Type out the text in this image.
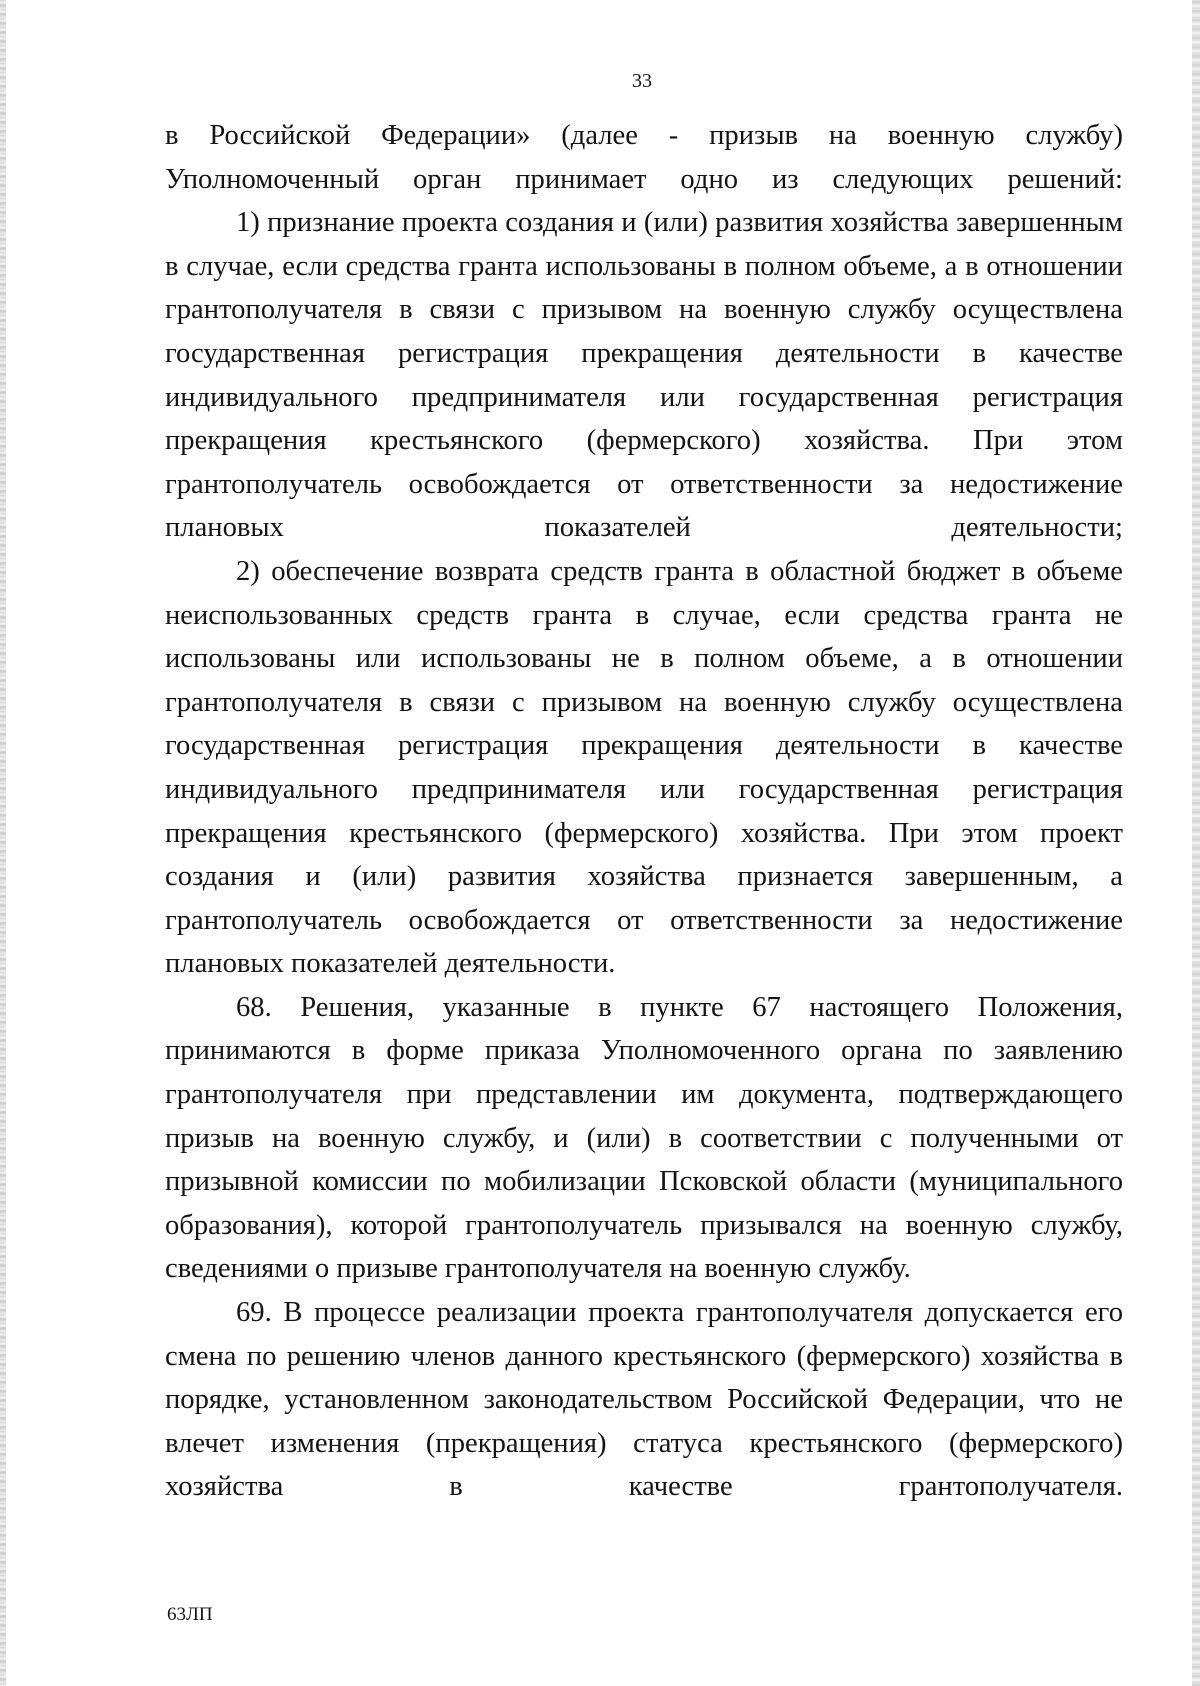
33

в Российской Федерации» (далее - призыв на военную службу) Уполномоченный орган принимает одно из следующих решений:

1) признание проекта создания и (или) развития хозяйства завершенным в случае, если средства гранта использованы в полном объеме, а в отношении грантополучателя в связи с призывом на военную службу осуществлена государственная регистрация прекращения деятельности в качестве индивидуального предпринимателя или государственная регистрация прекращения крестьянского (фермерского) хозяйства. При этом грантополучатель освобождается от ответственности за недостижение плановых показателей деятельности;

2) обеспечение возврата средств гранта в областной бюджет в объеме неиспользованных средств гранта в случае, если средства гранта не использованы или использованы не в полном объеме, а в отношении грантополучателя в связи с призывом на военную службу осуществлена государственная регистрация прекращения деятельности в качестве индивидуального предпринимателя или государственная регистрация прекращения крестьянского (фермерского) хозяйства. При этом проект создания и (или) развития хозяйства признается завершенным, а грантополучатель освобождается от ответственности за недостижение плановых показателей деятельности.

68. Решения, указанные в пункте 67 настоящего Положения, принимаются в форме приказа Уполномоченного органа по заявлению грантополучателя при представлении им документа, подтверждающего призыв на военную службу, и (или) в соответствии с полученными от призывной комиссии по мобилизации Псковской области (муниципального образования), которой грантополучатель призывался на военную службу, сведениями о призыве грантополучателя на военную службу.

69. В процессе реализации проекта грантополучателя допускается его смена по решению членов данного крестьянского (фермерского) хозяйства в порядке, установленном законодательством Российской Федерации, что не влечет изменения (прекращения) статуса крестьянского (фермерского) хозяйства в качестве грантополучателя.

63ЛП
